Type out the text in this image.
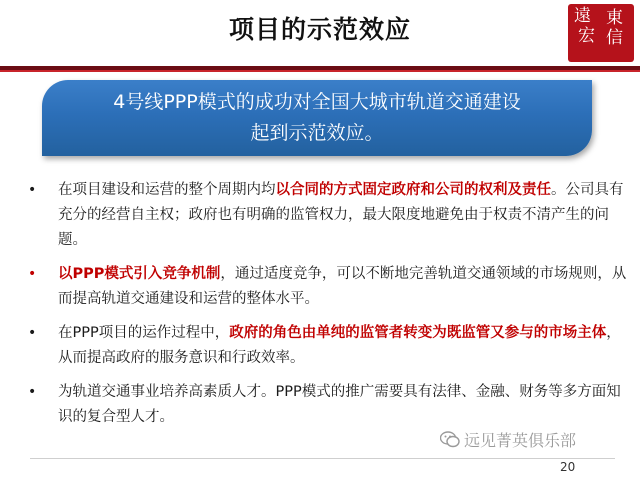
项目的示范效应	遠 東
宏 信
4号线PPP模式的成功对全国大城市轨道交通建设
起到示范效应。
• 在项目建设和运营的整个周期内均以合同的方式固定政府和公司的权利及责任。公司具有充分的经营自主权；政府也有明确的监管权力，最大限度地避免由于权责不清产生的问题。
• 以PPP模式引入竞争机制，通过适度竞争，可以不断地完善轨道交通领域的市场规则，从而提高轨道交通建设和运营的整体水平。
• 在PPP项目的运作过程中，政府的角色由单纯的监管者转变为既监管又参与的市场主体，从而提高政府的服务意识和行政效率。
• 为轨道交通事业培养高素质人才。PPP模式的推广需要具有法律、金融、财务等多方面知识的复合型人才。
远见菁英俱乐部
20
